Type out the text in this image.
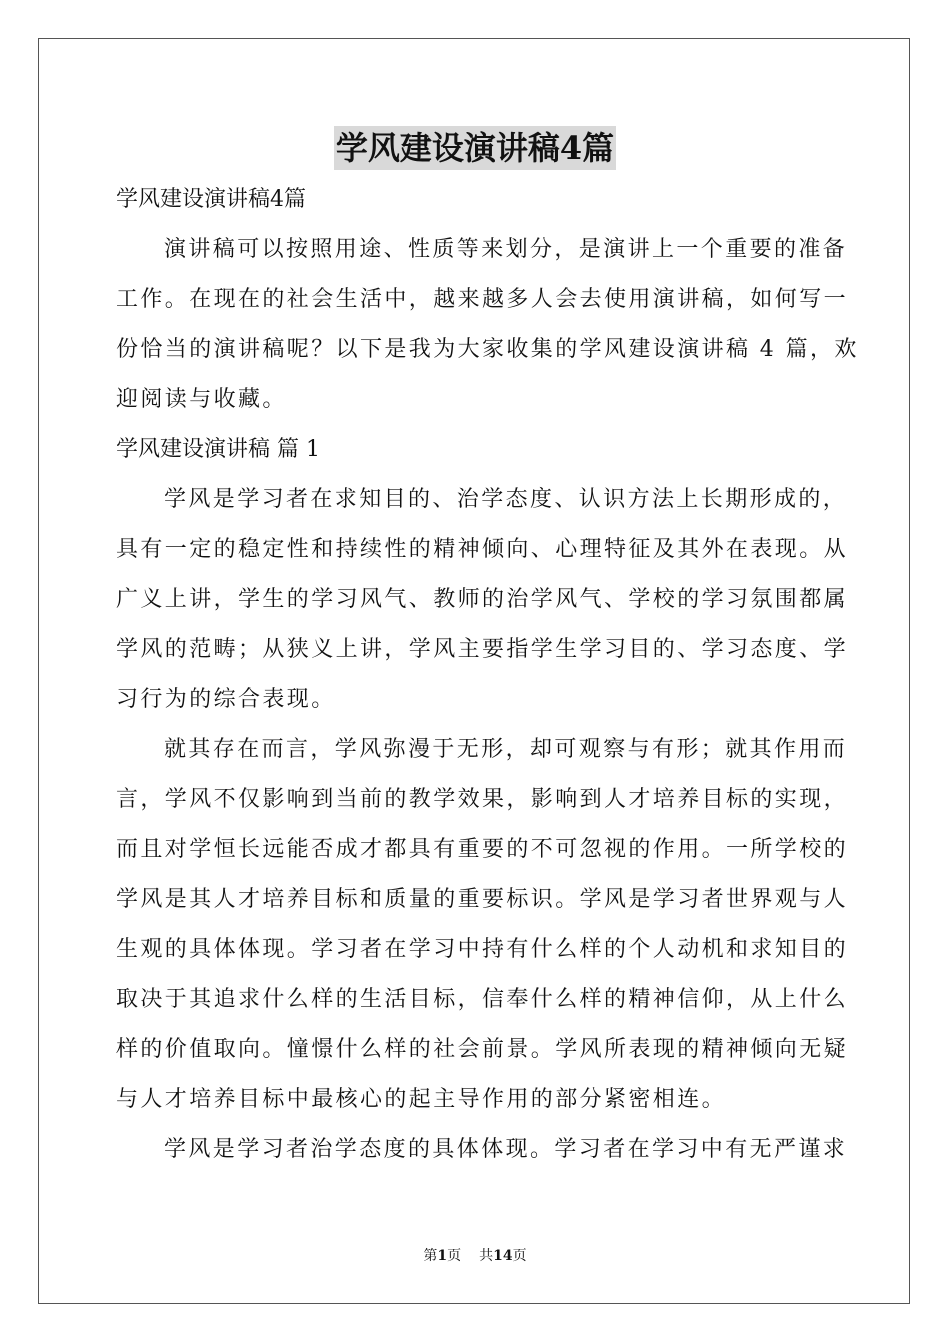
学风建设演讲稿4篇
学风建设演讲稿4篇
演讲稿可以按照用途、性质等来划分，是演讲上一个重要的准备
工作。在现在的社会生活中，越来越多人会去使用演讲稿，如何写一
份恰当的演讲稿呢？以下是我为大家收集的学风建设演讲稿 4 篇，欢
迎阅读与收藏。
学风建设演讲稿 篇 1
学风是学习者在求知目的、治学态度、认识方法上长期形成的，
具有一定的稳定性和持续性的精神倾向、心理特征及其外在表现。从
广义上讲，学生的学习风气、教师的治学风气、学校的学习氛围都属
学风的范畴；从狭义上讲，学风主要指学生学习目的、学习态度、学
习行为的综合表现。
就其存在而言，学风弥漫于无形，却可观察与有形；就其作用而
言，学风不仅影响到当前的教学效果，影响到人才培养目标的实现，
而且对学恒长远能否成才都具有重要的不可忽视的作用。一所学校的
学风是其人才培养目标和质量的重要标识。学风是学习者世界观与人
生观的具体体现。学习者在学习中持有什么样的个人动机和求知目的
取决于其追求什么样的生活目标，信奉什么样的精神信仰，从上什么
样的价值取向。憧憬什么样的社会前景。学风所表现的精神倾向无疑
与人才培养目标中最核心的起主导作用的部分紧密相连。
学风是学习者治学态度的具体体现。学习者在学习中有无严谨求
第1页 共14页
